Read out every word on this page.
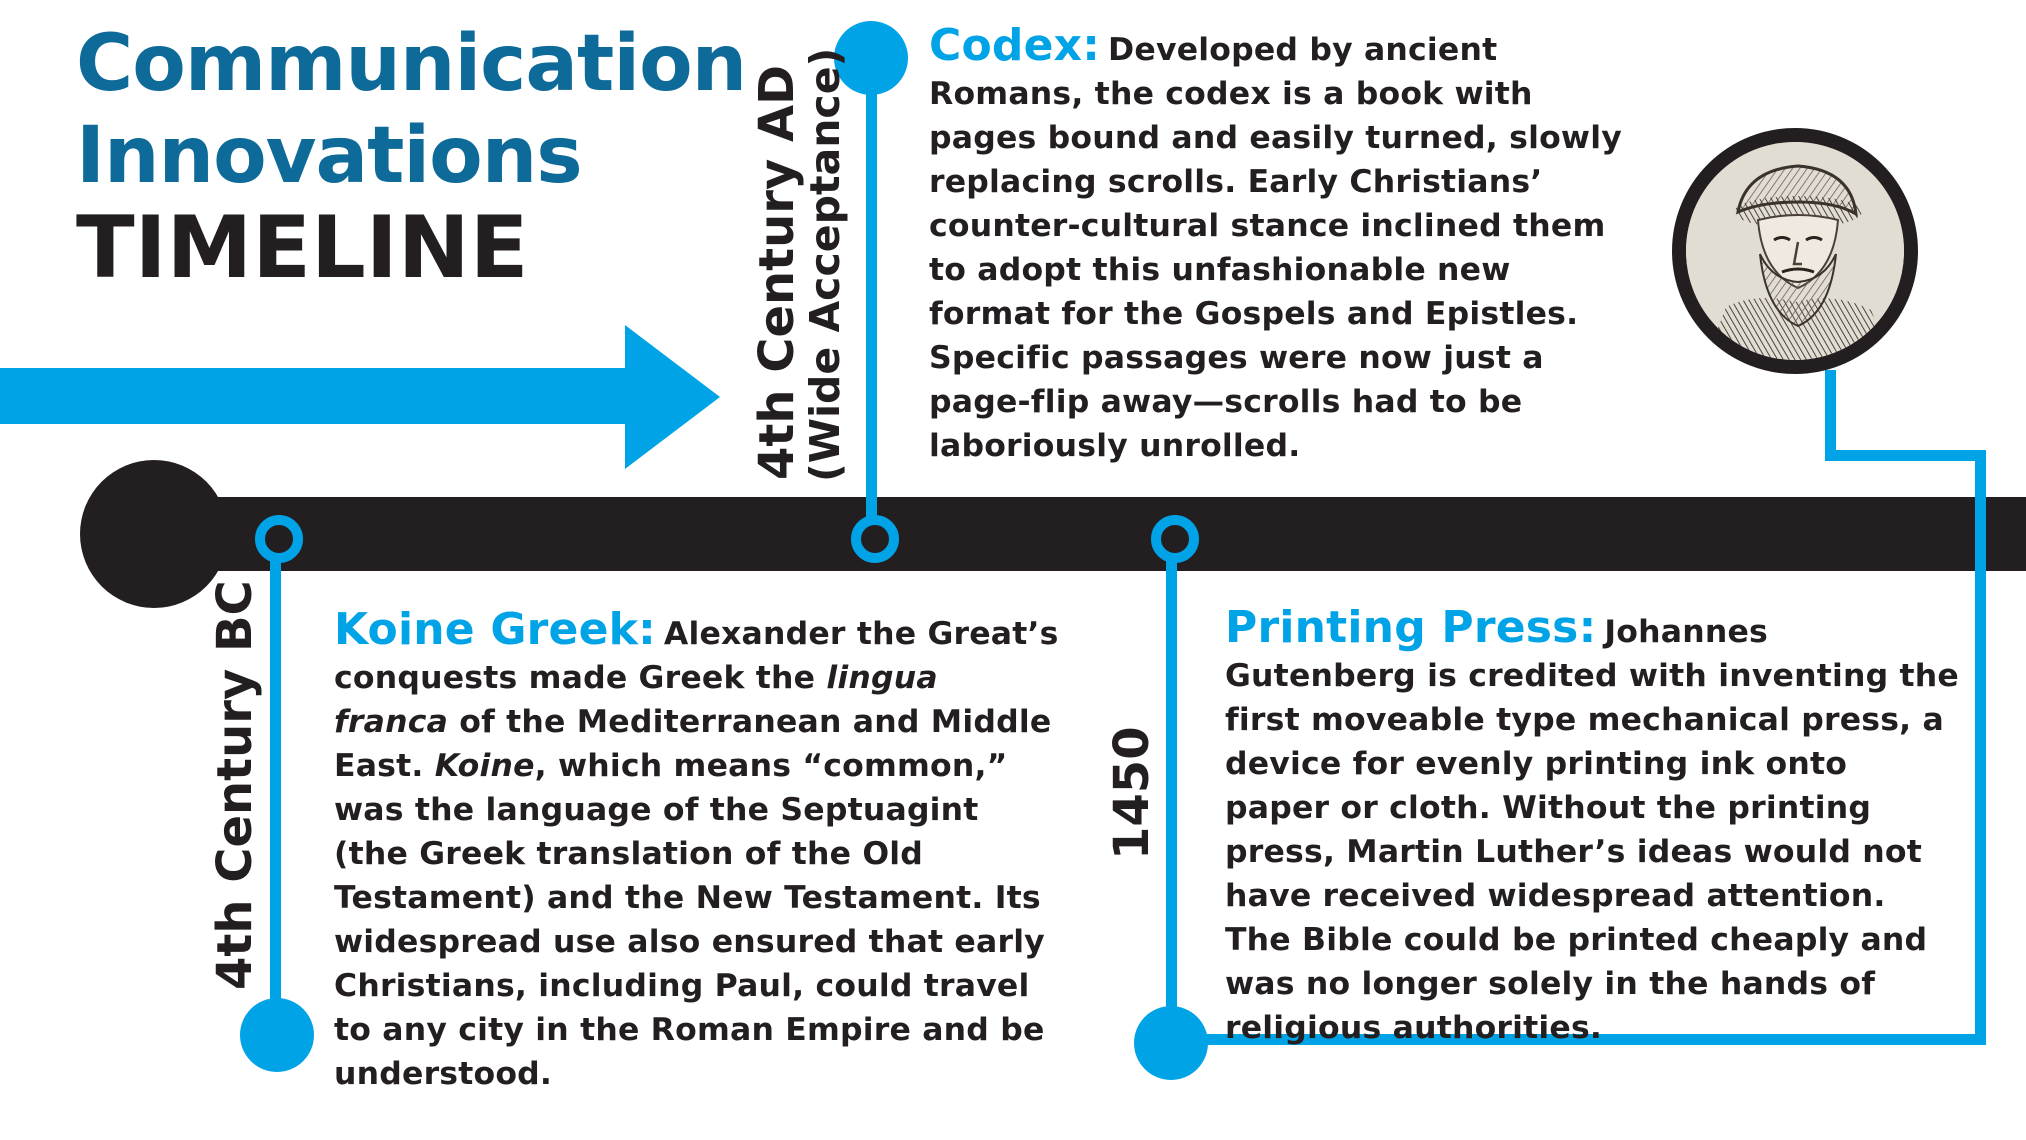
Communication
Innovations
TIMELINE
4th Century BC
4th Century AD
(Wide Acceptance)
1450

Codex: Developed by ancient Romans, the codex is a book with pages bound and easily turned, slowly replacing scrolls. Early Christians’ counter-cultural stance inclined them to adopt this unfashionable new format for the Gospels and Epistles. Specific passages were now just a page-flip away—scrolls had to be laboriously unrolled.

Koine Greek: Alexander the Great’s conquests made Greek the lingua franca of the Mediterranean and Middle East. Koine, which means “common,” was the language of the Septuagint (the Greek translation of the Old Testament) and the New Testament. Its widespread use also ensured that early Christians, including Paul, could travel to any city in the Roman Empire and be understood.

Printing Press: Johannes Gutenberg is credited with inventing the first moveable type mechanical press, a device for evenly printing ink onto paper or cloth. Without the printing press, Martin Luther’s ideas would not have received widespread attention. The Bible could be printed cheaply and was no longer solely in the hands of religious authorities.
